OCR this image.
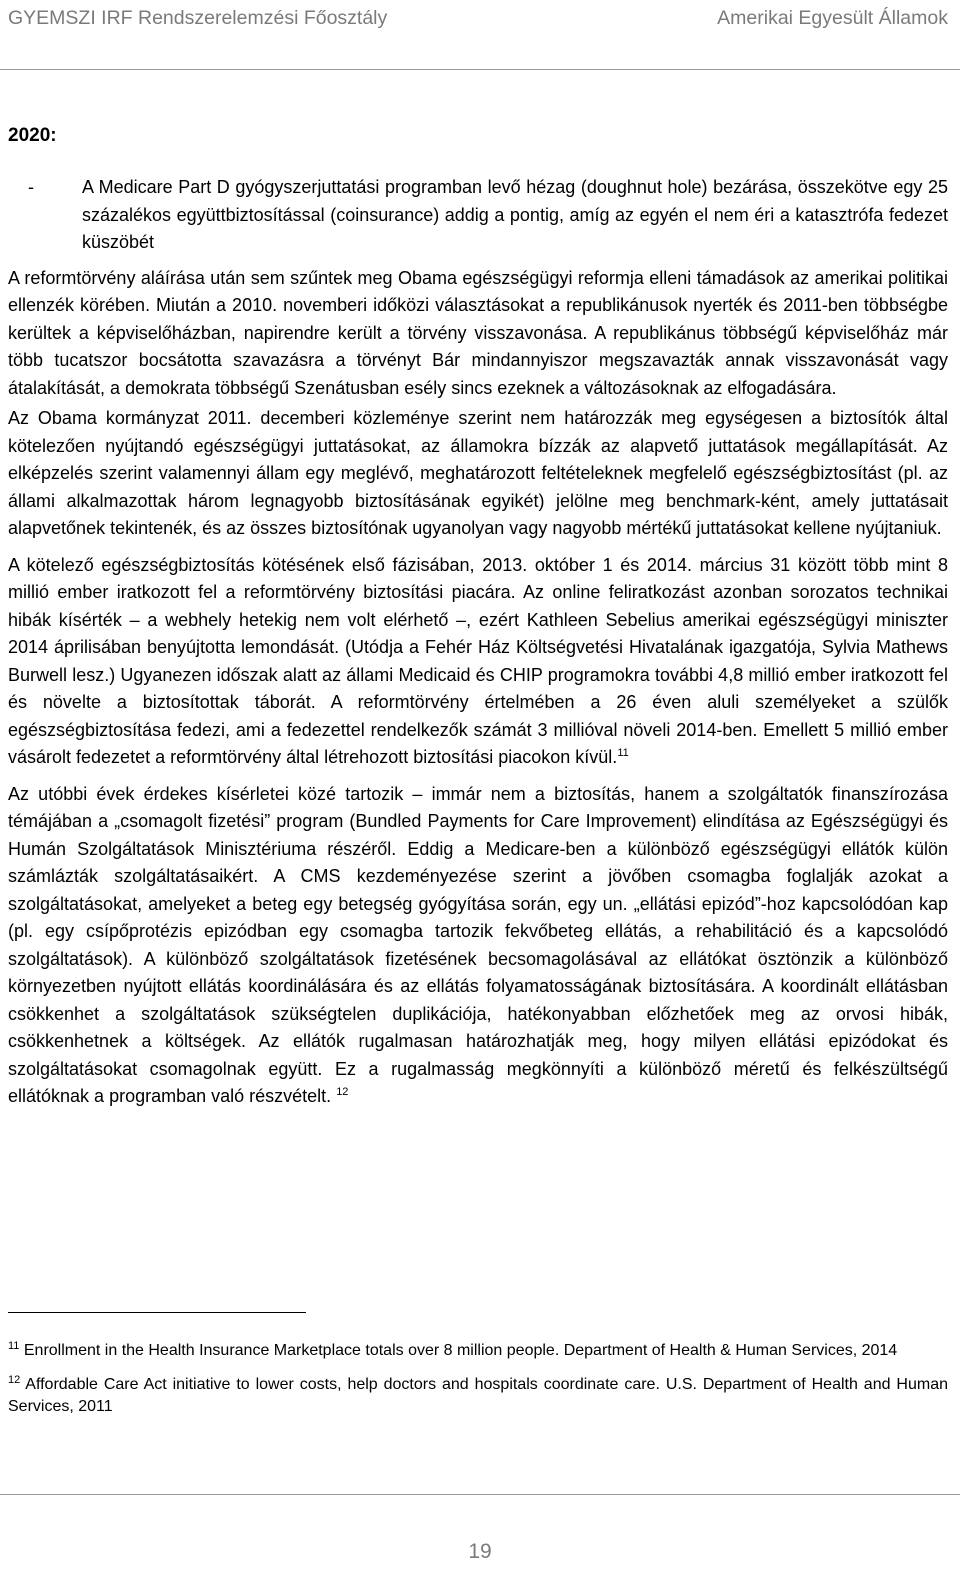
GYEMSZI IRF Rendszerelemzési Főosztály	Amerikai Egyesült Államok

2020:

-	A Medicare Part D gyógyszerjuttatási programban levő hézag (doughnut hole) bezárása, összekötve egy 25 százalékos együttbiztosítással (coinsurance) addig a pontig, amíg az egyén el nem éri a katasztrófa fedezet küszöbét

A reformtörvény aláírása után sem szűntek meg Obama egészségügyi reformja elleni támadások az amerikai politikai ellenzék körében. Miután a 2010. novemberi időközi választásokat a republikánusok nyerték és 2011-ben többségbe kerültek a képviselőházban, napirendre került a törvény visszavonása. A republikánus többségű képviselőház már több tucatszor bocsátotta szavazásra a törvényt Bár mindannyiszor megszavazták annak visszavonását vagy átalakítását, a demokrata többségű Szenátusban esély sincs ezeknek a változásoknak az elfogadására.

Az Obama kormányzat 2011. decemberi közleménye szerint nem határozzák meg egységesen a biztosítók által kötelezően nyújtandó egészségügyi juttatásokat, az államokra bízzák az alapvető juttatások megállapítását. Az elképzelés szerint valamennyi állam egy meglévő, meghatározott feltételeknek megfelelő egészségbiztosítást (pl. az állami alkalmazottak három legnagyobb biztosításának egyikét) jelölne meg benchmark-ként, amely juttatásait alapvetőnek tekintenék, és az összes biztosítónak ugyanolyan vagy nagyobb mértékű juttatásokat kellene nyújtaniuk.

A kötelező egészségbiztosítás kötésének első fázisában, 2013. október 1 és 2014. március 31 között több mint 8 millió ember iratkozott fel a reformtörvény biztosítási piacára. Az online feliratkozást azonban sorozatos technikai hibák kísérték – a webhely hetekig nem volt elérhető –, ezért Kathleen Sebelius amerikai egészségügyi miniszter 2014 áprilisában benyújtotta lemondását. (Utódja a Fehér Ház Költségvetési Hivatalának igazgatója, Sylvia Mathews Burwell lesz.) Ugyanezen időszak alatt az állami Medicaid és CHIP programokra további 4,8 millió ember iratkozott fel és növelte a biztosítottak táborát. A reformtörvény értelmében a 26 éven aluli személyeket a szülők egészségbiztosítása fedezi, ami a fedezettel rendelkezők számát 3 millióval növeli 2014-ben. Emellett 5 millió ember vásárolt fedezetet a reformtörvény által létrehozott biztosítási piacokon kívül.$^{11}$

Az utóbbi évek érdekes kísérletei közé tartozik – immár nem a biztosítás, hanem a szolgáltatók finanszírozása témájában a „csomagolt fizetési” program (Bundled Payments for Care Improvement) elindítása az Egészségügyi és Humán Szolgáltatások Minisztériuma részéről. Eddig a Medicare-ben a különböző egészségügyi ellátók külön számlázták szolgáltatásaikért. A CMS kezdeményezése szerint a jövőben csomagba foglalják azokat a szolgáltatásokat, amelyeket a beteg egy betegség gyógyítása során, egy un. „ellátási epizód”-hoz kapcsolódóan kap (pl. egy csípőprotézis epizódban egy csomagba tartozik fekvőbeteg ellátás, a rehabilitáció és a kapcsolódó szolgáltatások). A különböző szolgáltatások fizetésének becsomagolásával az ellátókat ösztönzik a különböző környezetben nyújtott ellátás koordinálására és az ellátás folyamatosságának biztosítására. A koordinált ellátásban csökkenhet a szolgáltatások szükségtelen duplikációja, hatékonyabban előzhetőek meg az orvosi hibák, csökkenhetnek a költségek. Az ellátók rugalmasan határozhatják meg, hogy milyen ellátási epizódokat és szolgáltatásokat csomagolnak együtt. Ez a rugalmasság megkönnyíti a különböző méretű és felkészültségű ellátóknak a programban való részvételt. $^{12}$

$^{11}$ Enrollment in the Health Insurance Marketplace totals over 8 million people. Department of Health & Human Services, 2014

$^{12}$ Affordable Care Act initiative to lower costs, help doctors and hospitals coordinate care. U.S. Department of Health and Human Services, 2011

19
